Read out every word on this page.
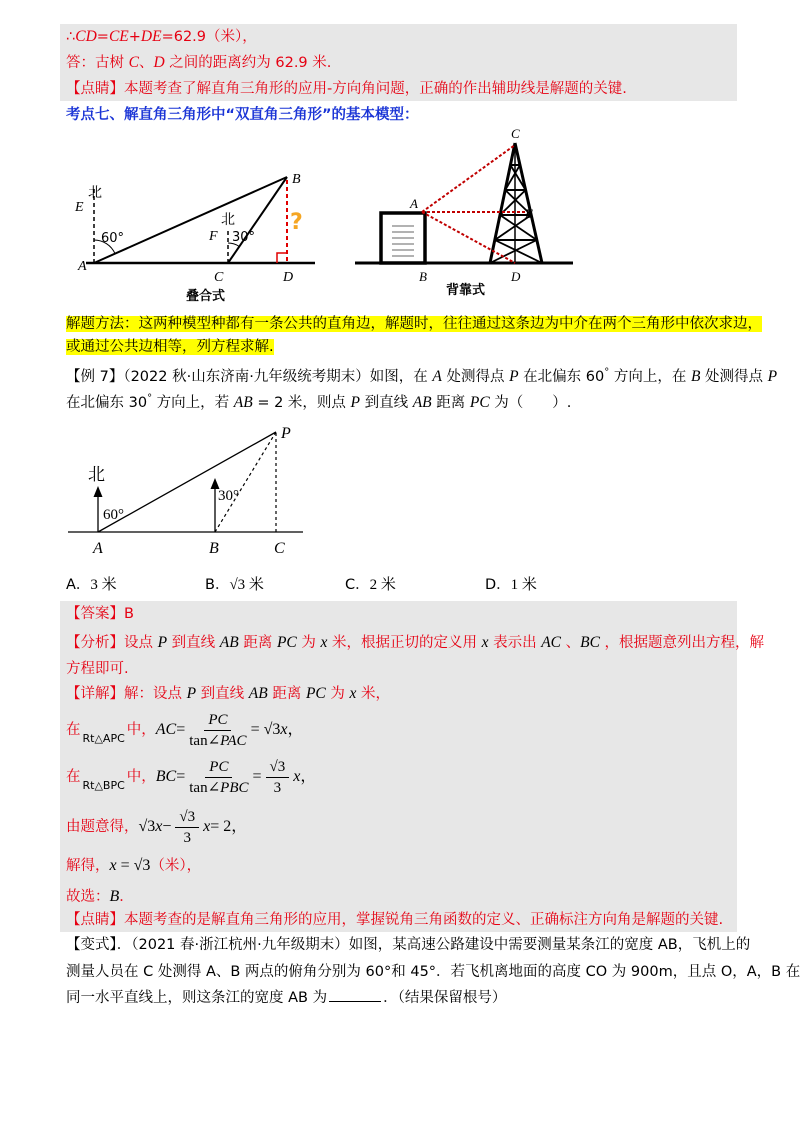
∴CD=CE+DE=62.9（米），
答：古树 C、D 之间的距离约为 62.9 米.
【点睛】本题考查了解直角三角形的应用-方向角问题，正确的作出辅助线是解题的关键.
考点七、解直角三角形中“双直角三角形”的基本模型：
北
E
60°
A
B
F
北
30°
C	D
?
叠合式
C
A
E
B	D
背靠式
解题方法：这两种模型种都有一条公共的直角边，解题时，往往通过这条边为中介在两个三角形中依次求边，
或通过公共边相等，列方程求解.
【例 7】（2022 秋·山东济南·九年级统考期末）如图，在 A 处测得点 P 在北偏东 60° 方向上，在 B 处测得点 P
在北偏东 30° 方向上，若 AB = 2 米，则点 P 到直线 AB 距离 PC 为（　　）.
北
60°
30°
A	B	C
P
A．3 米	B．√3 米	C．2 米	D．1 米
【答案】B
【分析】设点 P 到直线 AB 距离 PC 为 x 米，根据正切的定义用 x 表示出 AC 、BC ，根据题意列出方程，解
方程即可.
【详解】解：设点 P 到直线 AB 距离 PC 为 x 米，
在
Rt△APC
中， AC = $\frac{PC}{\text{tan∠PAC}} = √3$ x ，
在
Rt△BPC
中， BC = $\frac{PC}{\text{tan∠PBC}} = \frac{√3}{3}$ x ，
由题意得， √3 $x - \frac{√3}{3}$ x = 2 ，
解得，x = √3（米），
故选：B．
【点睛】本题考查的是解直角三角形的应用，掌握锐角三角函数的定义、正确标注方向角是解题的关键.
【变式】．（2021 春·浙江杭州·九年级期末）如图，某高速公路建设中需要测量某条江的宽度 AB，飞机上的
测量人员在 C 处测得 A、B 两点的俯角分别为 60°和 45°．若飞机离地面的高度 CO 为 900m，且点 O，A，B 在
同一水平直线上，则这条江的宽度 AB 为	．（结果保留根号）
